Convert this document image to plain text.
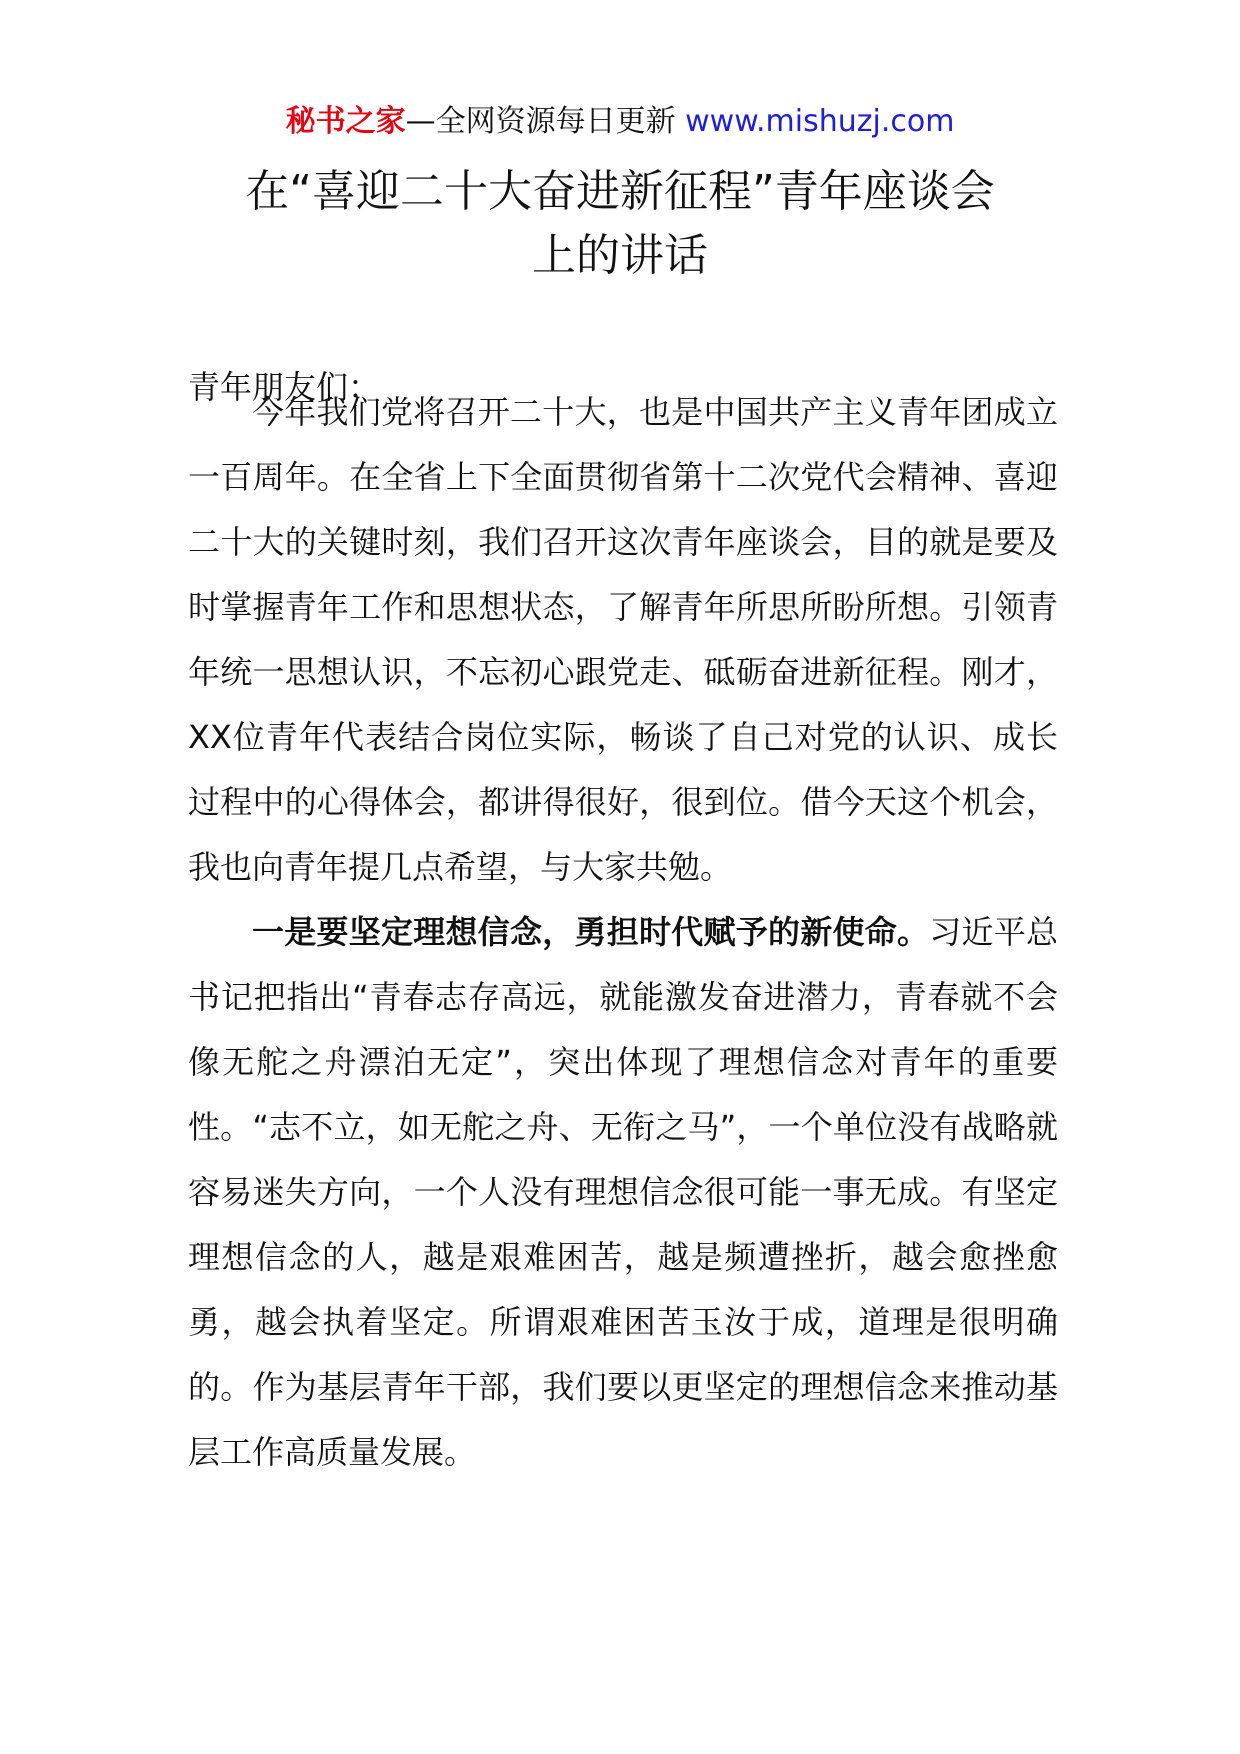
秘书之家—全网资源每日更新 www.mishuzj.com
在“喜迎二十大奋进新征程”青年座谈会
上的讲话

青年朋友们：

今年我们党将召开二十大，也是中国共产主义青年团成立一百周年。在全省上下全面贯彻省第十二次党代会精神、喜迎二十大的关键时刻，我们召开这次青年座谈会，目的就是要及时掌握青年工作和思想状态，了解青年所思所盼所想。引领青年统一思想认识，不忘初心跟党走、砥砺奋进新征程。刚才，XX位青年代表结合岗位实际，畅谈了自己对党的认识、成长过程中的心得体会，都讲得很好，很到位。借今天这个机会，我也向青年提几点希望，与大家共勉。

一是要坚定理想信念，勇担时代赋予的新使命。习近平总书记把指出“青春志存高远，就能激发奋进潜力，青春就不会像无舵之舟漂泊无定”，突出体现了理想信念对青年的重要性。“志不立，如无舵之舟、无衔之马”，一个单位没有战略就容易迷失方向，一个人没有理想信念很可能一事无成。有坚定理想信念的人，越是艰难困苦，越是频遭挫折，越会愈挫愈勇，越会执着坚定。所谓艰难困苦玉汝于成，道理是很明确的。作为基层青年干部，我们要以更坚定的理想信念来推动基层工作高质量发展。
